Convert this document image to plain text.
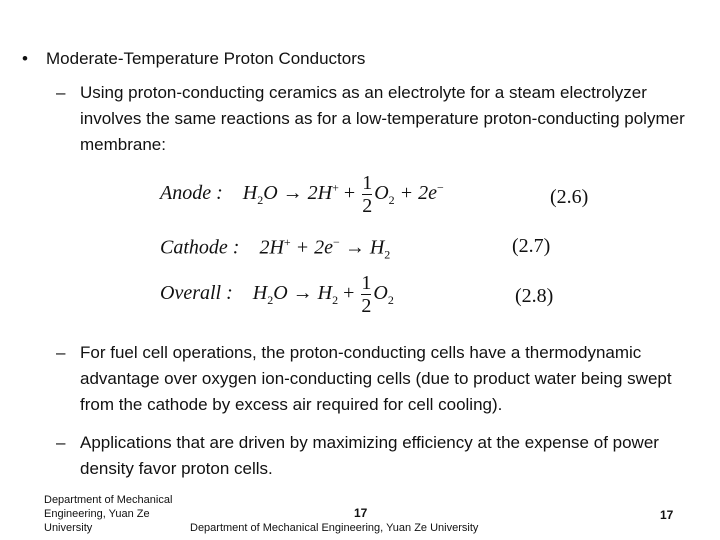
•	Moderate-Temperature Proton Conductors
– Using proton-conducting ceramics as an electrolyte for a steam electrolyzer involves the same reactions as for a low-temperature proton-conducting polymer membrane:
Anode : $H_2O \to 2H^+ + \frac{1}{2} O_2 + 2e^-$	(2.6)
Cathode : $2H^+ + 2e^- \to H_2$	(2.7)
Overall : $H_2O \to H_2 + \frac{1}{2} O_2$	(2.8)
– For fuel cell operations, the proton-conducting cells have a thermodynamic advantage over oxygen ion-conducting cells (due to product water being swept from the cathode by excess air required for cell cooling).
– Applications that are driven by maximizing efficiency at the expense of power density favor proton cells.
Department of Mechanical Engineering, Yuan Ze University
17
Department of Mechanical Engineering, Yuan Ze University
17
